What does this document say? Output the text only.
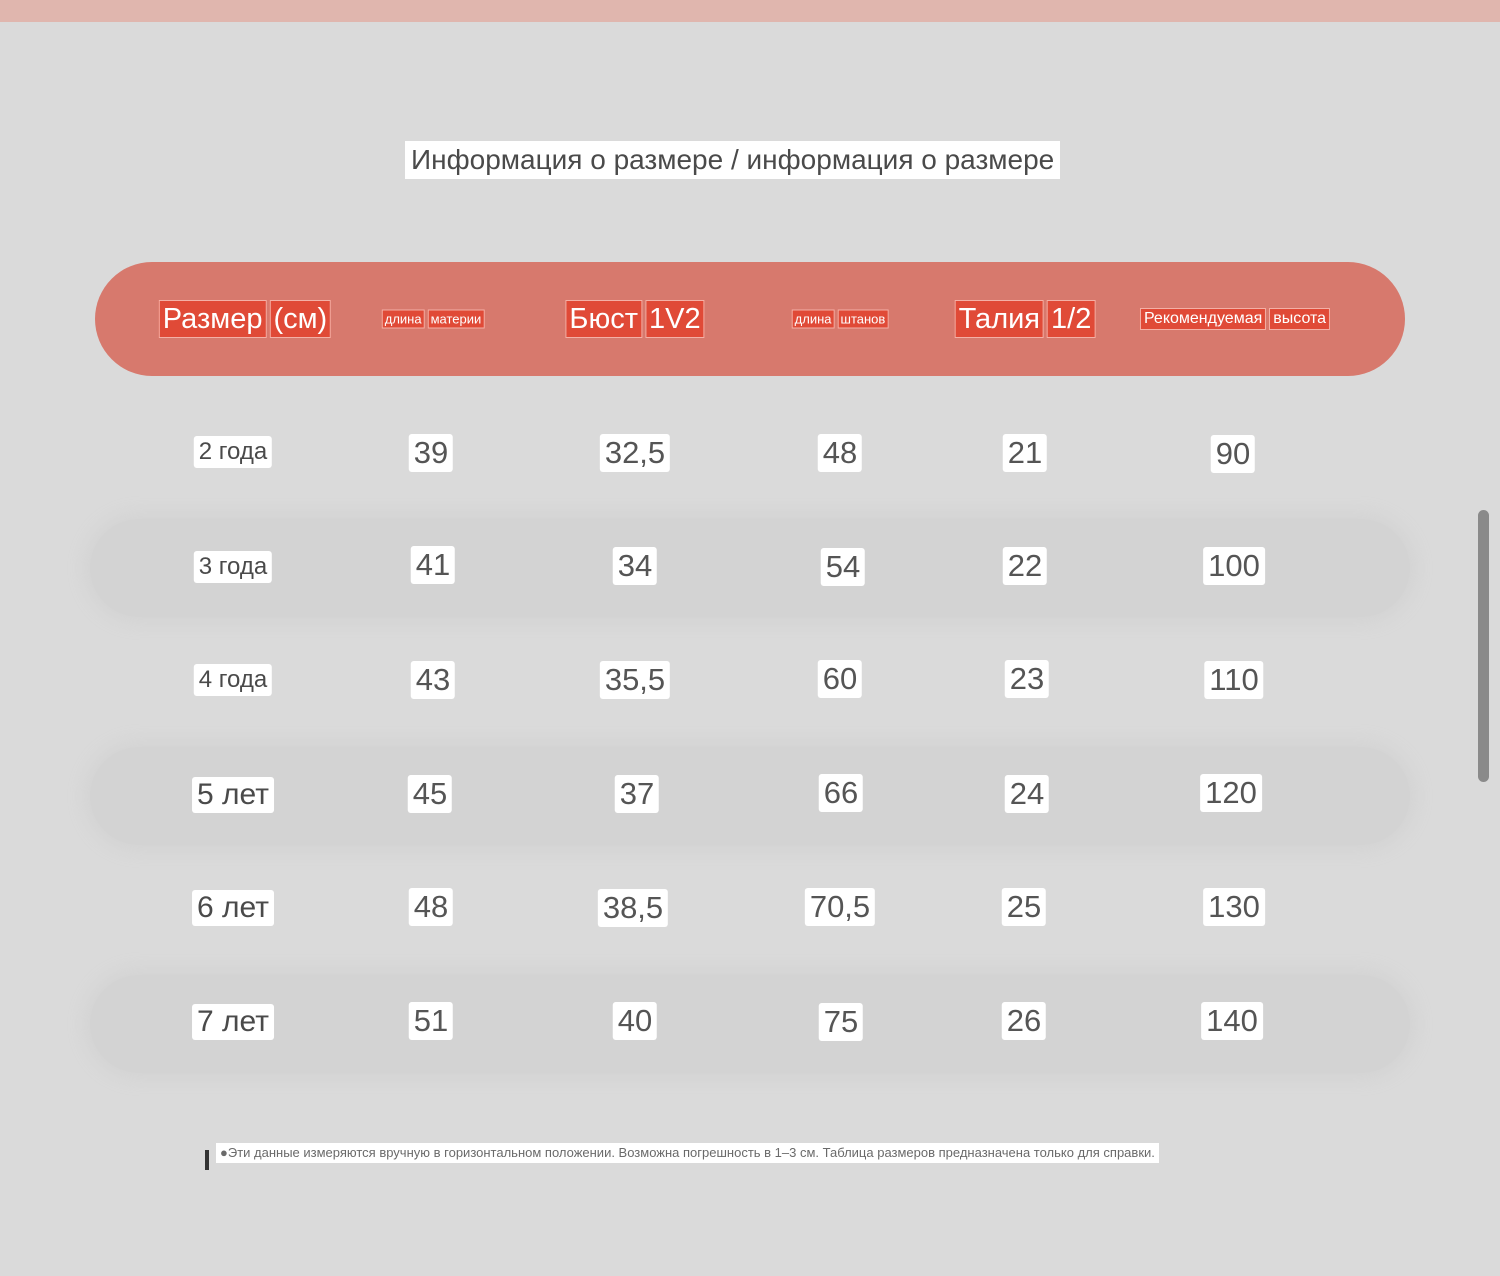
Информация о размере / информация о размере
Размер (см)	длина материи	Бюст 1V2	длина штанов	Талия 1/2	Рекомендуемая высота
2 года	39	32,5	48	21	90
3 года	41	34	54	22	100
4 года	43	35,5	60	23	110
5 лет	45	37	66	24	120
6 лет	48	38,5	70,5	25	130
7 лет	51	40	75	26	140
●Эти данные измеряются вручную в горизонтальном положении. Возможна погрешность в 1–3 см. Таблица размеров предназначена только для справки.
